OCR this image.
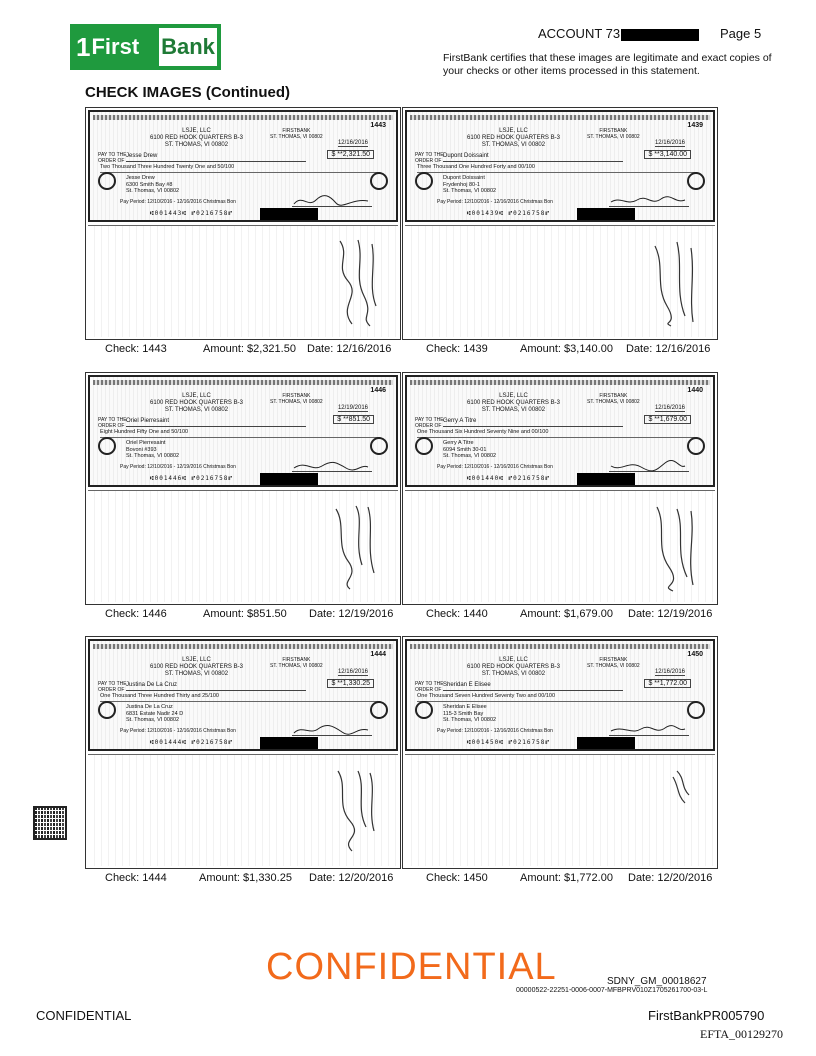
1 First Bank
ACCOUNT 73	Page 5
FirstBank certifies that these images are legitimate and exact copies of your checks or other items processed in this statement.
CHECK IMAGES (Continued)
1443
LSJE, LLC
6100 RED HOOK QUARTERS B-3
ST. THOMAS, VI 00802
FIRSTBANK
ST. THOMAS, VI 00802
12/16/2016
PAY TO THE
ORDER OF
Jesse Drew	$ **2,321.50
Two Thousand Three Hundred Twenty One and 50/100
Jesse Drew
6300 Smith Bay #8
St. Thomas, VI 00802
Pay Period: 12/10/2016 - 12/16/2016 Christmas Bon
⑆001443⑆ ⑈0216758⑈
Check: 1443	Amount: $2,321.50 Date: 12/16/2016
1439
LSJE, LLC
6100 RED HOOK QUARTERS B-3
ST. THOMAS, VI 00802
FIRSTBANK
ST. THOMAS, VI 00802
12/16/2016
PAY TO THE
ORDER OF
Dupont Doissaint	$ **3,140.00
Three Thousand One Hundred Forty and 00/100
Dupont Doissaint
Frydenhoj 80-1
St. Thomas, VI 00802
Pay Period: 12/10/2016 - 12/16/2016 Christmas Bon
⑆001439⑆ ⑈0216758⑈
Check: 1439	Amount: $3,140.00 Date: 12/16/2016
1446
LSJE, LLC
6100 RED HOOK QUARTERS B-3
ST. THOMAS, VI 00802
FIRSTBANK
ST. THOMAS, VI 00802
12/19/2016
PAY TO THE
ORDER OF
Oriel Pierresaint	$ **851.50
Eight Hundred Fifty One and 50/100
Oriel Pierresaint
Bovoni #393
St. Thomas, VI 00802
Pay Period: 12/10/2016 - 12/19/2016 Christmas Bon
⑆001446⑆ ⑈0216758⑈
Check: 1446	Amount: $851.50 Date: 12/19/2016
1440
LSJE, LLC
6100 RED HOOK QUARTERS B-3
ST. THOMAS, VI 00802
FIRSTBANK
ST. THOMAS, VI 00802
12/16/2016
PAY TO THE
ORDER OF
Gerry A Titre	$ **1,679.00
One Thousand Six Hundred Seventy Nine and 00/100
Gerry A Titre
6094 Smith 30-01
St. Thomas, VI 00802
Pay Period: 12/10/2016 - 12/16/2016 Christmas Bon
⑆001440⑆ ⑈0216758⑈
Check: 1440	Amount: $1,679.00 Date: 12/19/2016
1444
LSJE, LLC
6100 RED HOOK QUARTERS B-3
ST. THOMAS, VI 00802
FIRSTBANK
ST. THOMAS, VI 00802
12/16/2016
PAY TO THE
ORDER OF
Justina De La Cruz	$ **1,330.25
One Thousand Three Hundred Thirty and 25/100
Justina De La Cruz
6831 Estate Nadir 24 D
St. Thomas, VI 00802
Pay Period: 12/10/2016 - 12/16/2016 Christmas Bon
⑆001444⑆ ⑈0216758⑈
Check: 1444	Amount: $1,330.25 Date: 12/20/2016
1450
LSJE, LLC
6100 RED HOOK QUARTERS B-3
ST. THOMAS, VI 00802
FIRSTBANK
ST. THOMAS, VI 00802
12/16/2016
PAY TO THE
ORDER OF
Sheridan E Elisee	$ **1,772.00
One Thousand Seven Hundred Seventy Two and 00/100
Sheridan E Elisee
115-3 Smith Bay
St. Thomas, VI 00802
Pay Period: 12/10/2016 - 12/16/2016 Christmas Bon
⑆001450⑆ ⑈0216758⑈
Check: 1450	Amount: $1,772.00 Date: 12/20/2016
CONFIDENTIAL	SDNY_GM_00018627
00000522-22251-0006-0007-MFBPRV010Z1705261700-03-L
CONFIDENTIAL	FirstBankPR005790
EFTA_00129270
